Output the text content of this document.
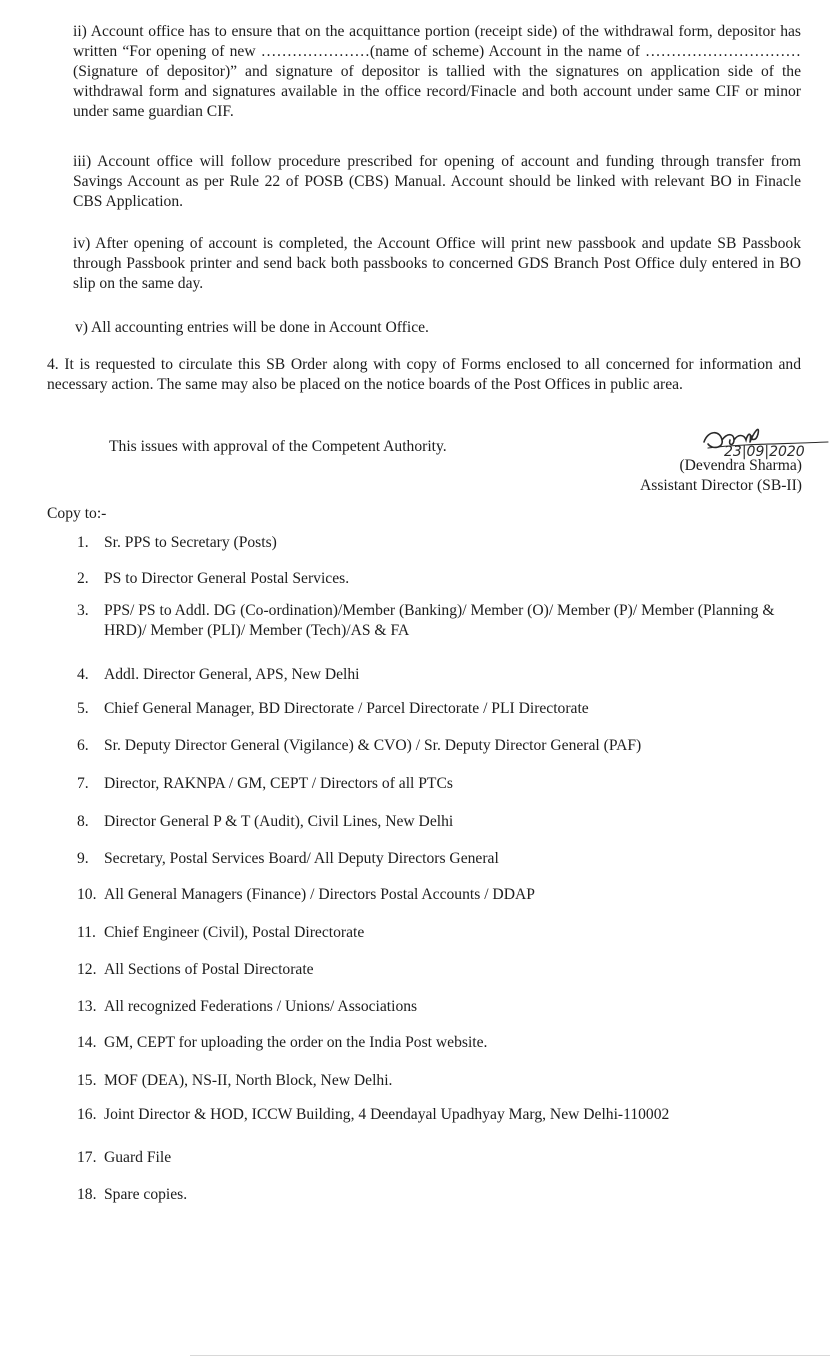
ii) Account office has to ensure that on the acquittance portion (receipt side) of the withdrawal form, depositor has written “For opening of new …………………(name of scheme) Account in the name of ………………………… (Signature of depositor)” and signature of depositor is tallied with the signatures on application side of the withdrawal form and signatures available in the office record/Finacle and both account under same CIF or minor under same guardian CIF.

iii) Account office will follow procedure prescribed for opening of account and funding through transfer from Savings Account as per Rule 22 of POSB (CBS) Manual. Account should be linked with relevant BO in Finacle CBS Application.

iv) After opening of account is completed, the Account Office will print new passbook and update SB Passbook through Passbook printer and send back both passbooks to concerned GDS Branch Post Office duly entered in BO slip on the same day.

v) All accounting entries will be done in Account Office.

4. It is requested to circulate this SB Order along with copy of Forms enclosed to all concerned for information and necessary action. The same may also be placed on the notice boards of the Post Offices in public area.

This issues with approval of the Competent Authority.	23|09|2020
(Devendra Sharma)
Assistant Director (SB-II)
Copy to:-
1. Sr. PPS to Secretary (Posts)
2. PS to Director General Postal Services.
3. PPS/ PS to Addl. DG (Co-ordination)/Member (Banking)/ Member (O)/ Member (P)/ Member (Planning & HRD)/ Member (PLI)/ Member (Tech)/AS & FA
4. Addl. Director General, APS, New Delhi
5. Chief General Manager, BD Directorate / Parcel Directorate / PLI Directorate
6. Sr. Deputy Director General (Vigilance) & CVO) / Sr. Deputy Director General (PAF)
7. Director, RAKNPA / GM, CEPT / Directors of all PTCs
8. Director General P & T (Audit), Civil Lines, New Delhi
9. Secretary, Postal Services Board/ All Deputy Directors General
10. All General Managers (Finance) / Directors Postal Accounts / DDAP
11. Chief Engineer (Civil), Postal Directorate
12. All Sections of Postal Directorate
13. All recognized Federations / Unions/ Associations
14. GM, CEPT for uploading the order on the India Post website.
15. MOF (DEA), NS-II, North Block, New Delhi.
16. Joint Director & HOD, ICCW Building, 4 Deendayal Upadhyay Marg, New Delhi-110002
17. Guard File
18. Spare copies.
